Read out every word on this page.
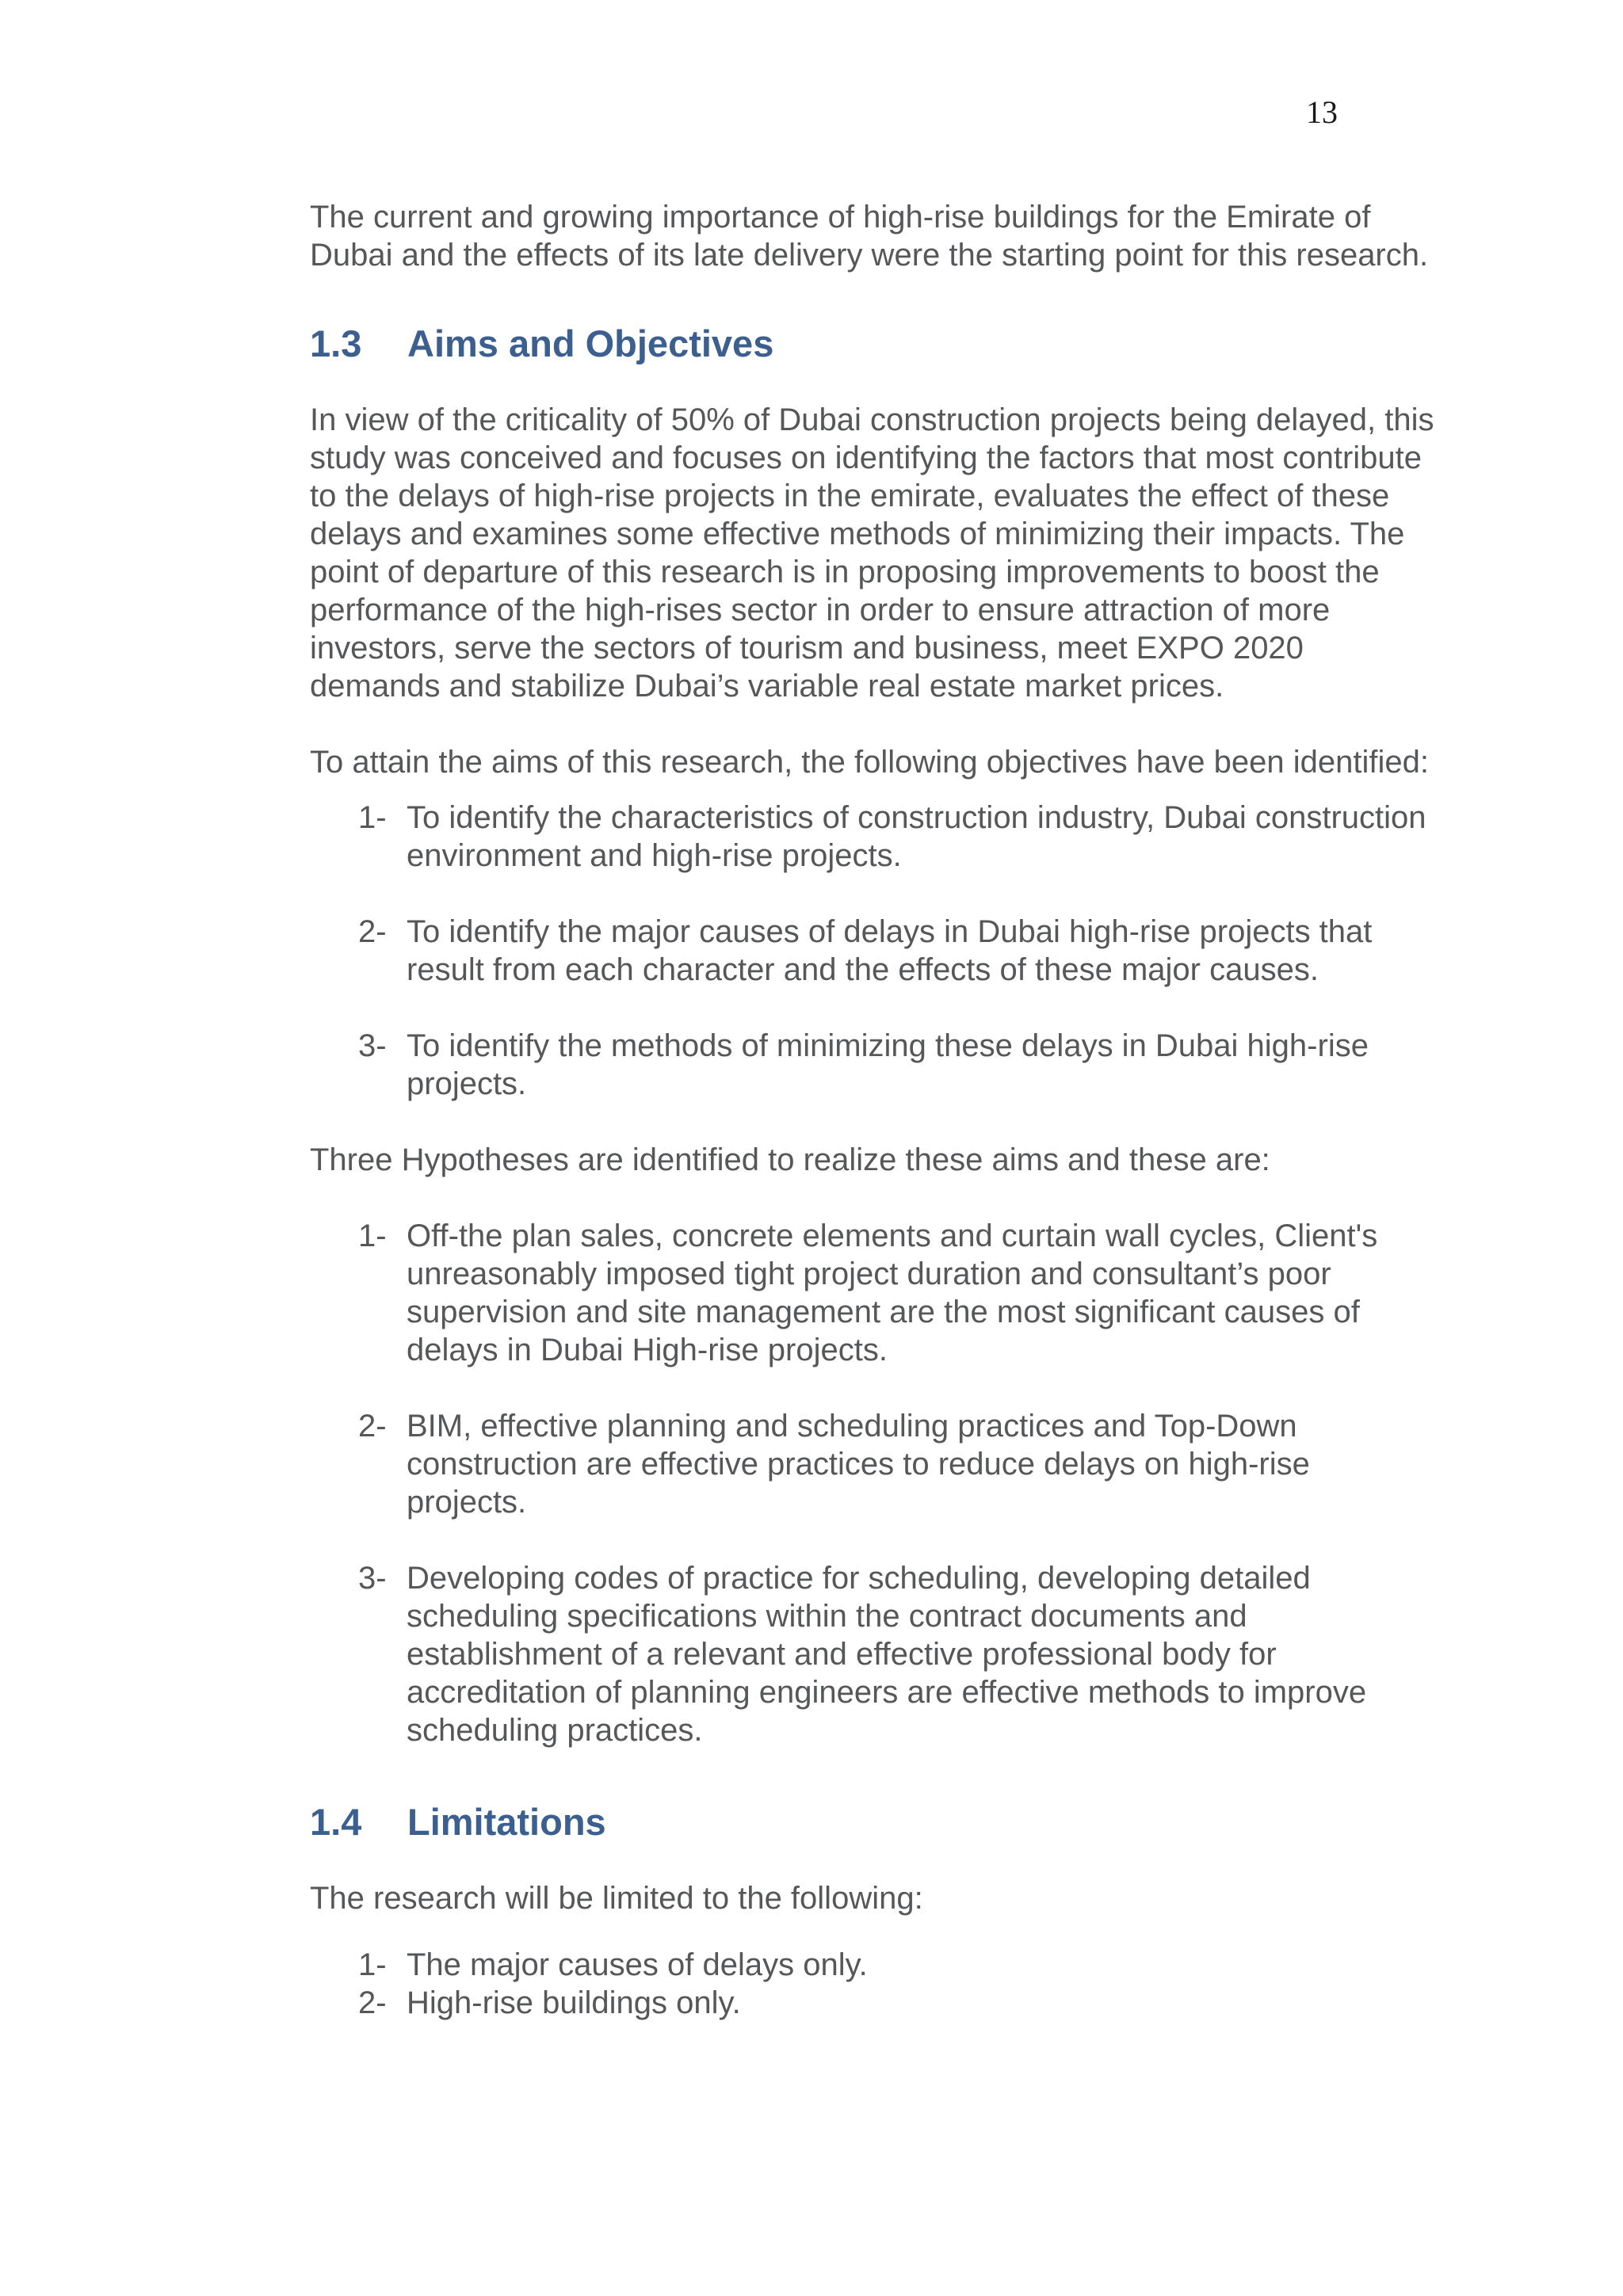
13

The current and growing importance of high-rise buildings for the Emirate of Dubai and the effects of its late delivery were the starting point for this research.

1.3	Aims and Objectives

In view of the criticality of 50% of Dubai construction projects being delayed, this study was conceived and focuses on identifying the factors that most contribute to the delays of high-rise projects in the emirate, evaluates the effect of these delays and examines some effective methods of minimizing their impacts. The point of departure of this research is in proposing improvements to boost the performance of the high-rises sector in order to ensure attraction of more investors, serve the sectors of tourism and business, meet EXPO 2020 demands and stabilize Dubai’s variable real estate market prices.

To attain the aims of this research, the following objectives have been identified:

1- To identify the characteristics of construction industry, Dubai construction environment and high-rise projects.
2- To identify the major causes of delays in Dubai high-rise projects that result from each character and the effects of these major causes.
3- To identify the methods of minimizing these delays in Dubai high-rise projects.

Three Hypotheses are identified to realize these aims and these are:

1- Off-the plan sales, concrete elements and curtain wall cycles, Client's unreasonably imposed tight project duration and consultant’s poor supervision and site management are the most significant causes of delays in Dubai High-rise projects.
2- BIM, effective planning and scheduling practices and Top-Down construction are effective practices to reduce delays on high-rise projects.
3- Developing codes of practice for scheduling, developing detailed scheduling specifications within the contract documents and establishment of a relevant and effective professional body for accreditation of planning engineers are effective methods to improve scheduling practices.
1.4	Limitations

The research will be limited to the following:

1- The major causes of delays only.
2- High-rise buildings only.
